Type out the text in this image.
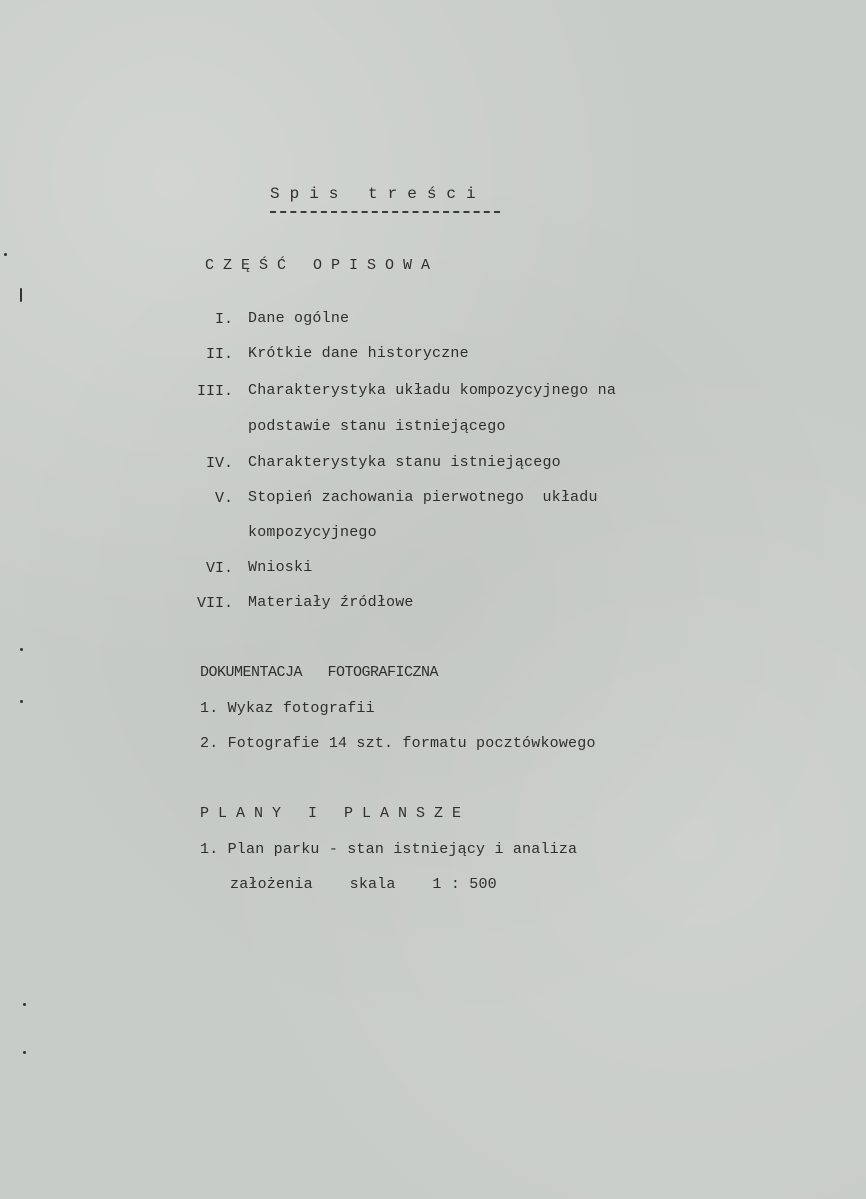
Spis treści
CZĘŚĆ OPISOWA
I. Dane ogólne
II. Krótkie dane historyczne
III. Charakterystyka układu kompozycyjnego na
podstawie stanu istniejącego
IV. Charakterystyka stanu istniejącego
V. Stopień zachowania pierwotnego  układu
kompozycyjnego
VI. Wnioski
VII. Materiały źródłowe
DOKUMENTACJA   FOTOGRAFICZNA
1. Wykaz fotografii
2. Fotografie 14 szt. formatu pocztówkowego
PLANY I PLANSZE
1. Plan parku - stan istniejący i analiza
założenia    skala    1 : 500
